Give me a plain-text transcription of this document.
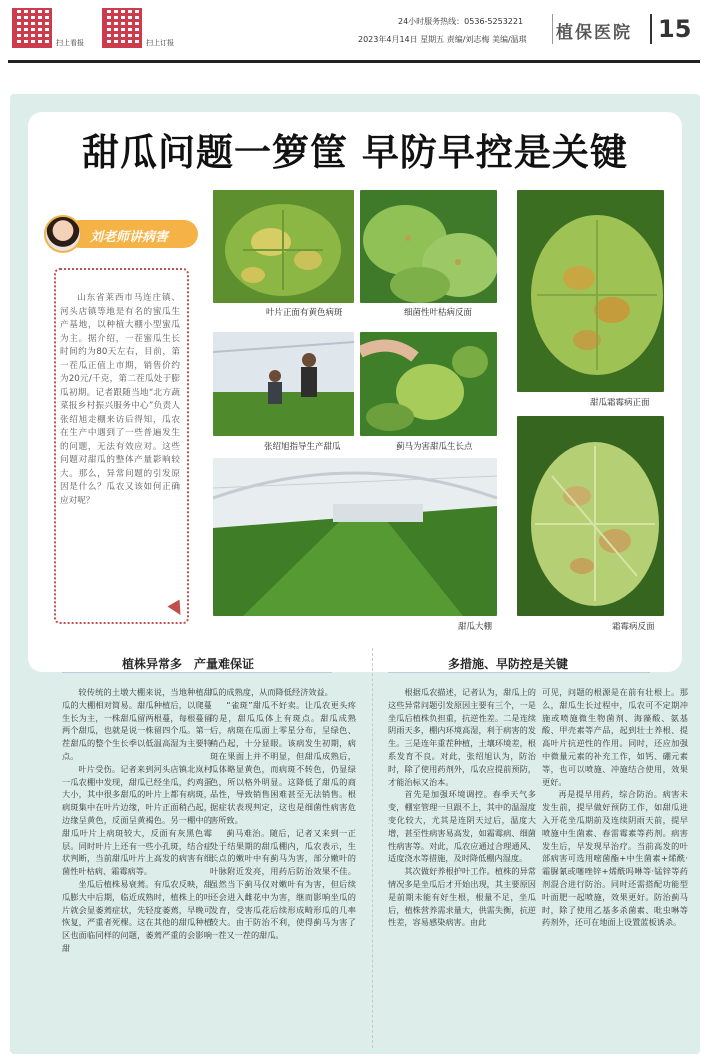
扫上看报	扫上订报
24小时服务热线：0536-5253221
2023年4月14日 星期五 责编/刘志梅 美编/温琪 植保医院 15
甜瓜问题一箩筐 早防早控是关键
刘老师讲病害
山东省莱西市马连庄镇、河头店镇等地是有名的蜜瓜生产基地，以种植大棚小型蜜瓜为主。据介绍，一茬蜜瓜生长时间约为80天左右，目前，第一茬瓜正值上市期，销售价约为20元/千克，第二茬瓜处于膨瓜初期。记者跟随当地“北方蔬菜报乡村振兴服务中心”负责人张绍旭走棚来访后得知，瓜农在生产中遇到了一些普遍发生的问题，无法有效应对。这些问题对甜瓜的整体产量影响较大。那么，异常问题的引发原因是什么？瓜农又该如何正确应对呢？
叶片正面有黄色病斑	细菌性叶枯病反面
甜瓜霜霉病正面
张绍旭指导生产甜瓜	蓟马为害甜瓜生长点
甜瓜大棚	霜霉病反面
植株异常多　产量难保证

较传统的土墩大棚来说，当地种植甜瓜的大棚相对简易。甜瓜种植后，以爬蔓生长为主，一株甜瓜留两根蔓，每根蔓留两个甜瓜，也就是说一株留四个瓜。第一茬甜瓜的整个生长季以低温高湿为主要特点。

叶片受伤。记者来到河头店镇北岚村一瓜农棚中发现，甜瓜已经坐瓜，约鸡蛋大小，其中很多甜瓜的叶片上都有病斑，病斑集中在叶片边缘，叶片正面稍凸起，边缘呈黄色，反面呈黄褐色。另一棚中的甜瓜叶片上病斑较大，反面有灰黑色霉层。同时叶片上还有一些小孔斑，结合症状判断，当前甜瓜叶片上高发的病害有细菌性叶枯病、霜霉病等。

坐瓜后植株易衰蔫。有瓜农反映，甜瓜膨大中后期，临近成熟时，植株上的叶片就会显萎蔫症状，先轻度萎蔫，早晚可恢复，严重者死棵。这在其他的甜瓜种植区也面临同样的问题，萎蔫严重的会影响甜

瓜的成熟度，从而降低经济效益。

“雀斑”甜瓜不好卖。让瓜农更头疼的是，甜瓜瓜体上有斑点。甜瓜成熟后，病斑在瓜面上零星分布，呈绿色、稍凸起，十分显眼。该病发生初期，病斑在果面上并不明显，但甜瓜成熟后，瓜体略显黄色，而病斑不转色，仍显绿色，所以格外明显。这降低了甜瓜的商品性，导致销售困难甚至无法销售。根据症状表现判定，这也是细菌性病害危害所致。

蓟马难治。随后，记者又来到一正处于结果期的甜瓜棚内，瓜农表示，生长点的嫩叶中有蓟马为害，部分嫩叶的叶脉附近发亮，用药后防治效果不佳。虽然当下蓟马仅对嫩叶有为害，但后续还会进入雌花中为害，继而影响坐瓜的发育，受害瓜花后续形成畸形瓜的几率较大。由于防治不利，使得蓟马为害了一茬又一茬的甜瓜。

多措施、早防控是关键

根据瓜农描述，记者认为，甜瓜上的这些异常问题引发原因主要有三个，一是坐瓜后植株负担重，抗逆性差。二是连续阴雨天多，棚内环境高湿，利于病害的发生。三是连年重茬种植，土壤环境差，根系发育不良。对此，张绍旭认为，防治时，除了使用药剂外，瓜农应提前预防，才能治标又治本。

首先是加强环境调控。春季天气多变，棚室管理一旦跟不上，其中的温湿度变化较大，尤其是连阴天过后，温度大增，甚至性病害易高发，如霜霉病、细菌性病害等。对此，瓜农应通过合理通风、适度浇水等措施，及时降低棚内湿度。

其次做好养根护叶工作。植株的异常情况多是坐瓜后才开始出现，其主要原因是前期未能有好生根，根量不足，坐瓜后，植株营养需求量大，供需失衡，抗逆性差，容易感染病害。由此

可见，问题的根源是在前有壮根上。那么，甜瓜生长过程中，瓜农可不定期冲施或喷施微生物菌剂、海藻酸、氨基酸、甲壳素等产品，起到壮士养根、提高叶片抗逆性的作用。同时，还应加强中微量元素的补充工作，如钙、硼元素等，也可以喷施、冲施结合使用，效果更好。

再是提早用药，综合防治。病害未发生前，提早做好预防工作，如甜瓜进入开花坐瓜期前及连续阴雨天前，提早喷施中生菌素、春雷霉素等药剂。病害发生后，早发现早治疗。当前高发的叶部病害可选用嘧菌酯+中生菌素+烯酰·霜脲氰或噻唑锌+烯酰吗啉等·锰锌等药剂混合进行防治。同时还需搭配功能型叶面肥一起喷施，效果更好。防治蓟马时，除了使用乙基多杀菌素、吡虫啉等药剂外，还可在地面上设置蓝板诱杀。
